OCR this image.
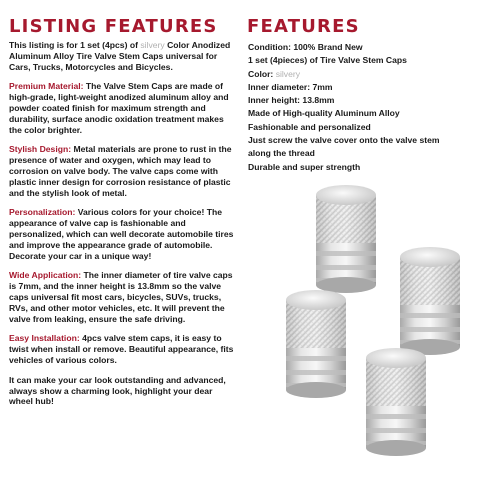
LISTING FEATURES

This listing is for 1 set (4pcs) of silvery Color Anodized Aluminum Alloy Tire Valve Stem Caps universal for Cars, Trucks, Motorcycles and Bicycles.

Premium Material: The Valve Stem Caps are made of high-grade, light-weight anodized aluminum alloy and powder coated finish for maximum strength and durability, surface anodic oxidation treatment makes the color brighter.

Stylish Design: Metal materials are prone to rust in the presence of water and oxygen, which may lead to corrosion on valve body. The valve caps come with plastic inner design for corrosion resistance of plastic and the stylish look of metal.

Personalization: Various colors for your choice! The appearance of valve cap is fashionable and personalized, which can well decorate automobile tires and improve the appearance grade of automobile. Decorate your car in a unique way!

Wide Application: The inner diameter of tire valve caps is 7mm, and the inner height is 13.8mm so the valve caps universal fit most cars, bicycles, SUVs, trucks, RVs, and other motor vehicles, etc. It will prevent the valve from leaking, ensure the safe driving.

Easy Installation: 4pcs valve stem caps, it is easy to twist when install or remove. Beautiful appearance, fits vehicles of various colors.

It can make your car look outstanding and advanced, always show a charming look, highlight your dear wheel hub!

FEATURES
Condition: 100% Brand New
1 set (4pieces) of Tire Valve Stem Caps
Color: silvery
Inner diameter: 7mm
Inner height: 13.8mm
Made of High-quality Aluminum Alloy
Fashionable and personalized
Just screw the valve cover onto the valve stem
along the thread
Durable and super strength
